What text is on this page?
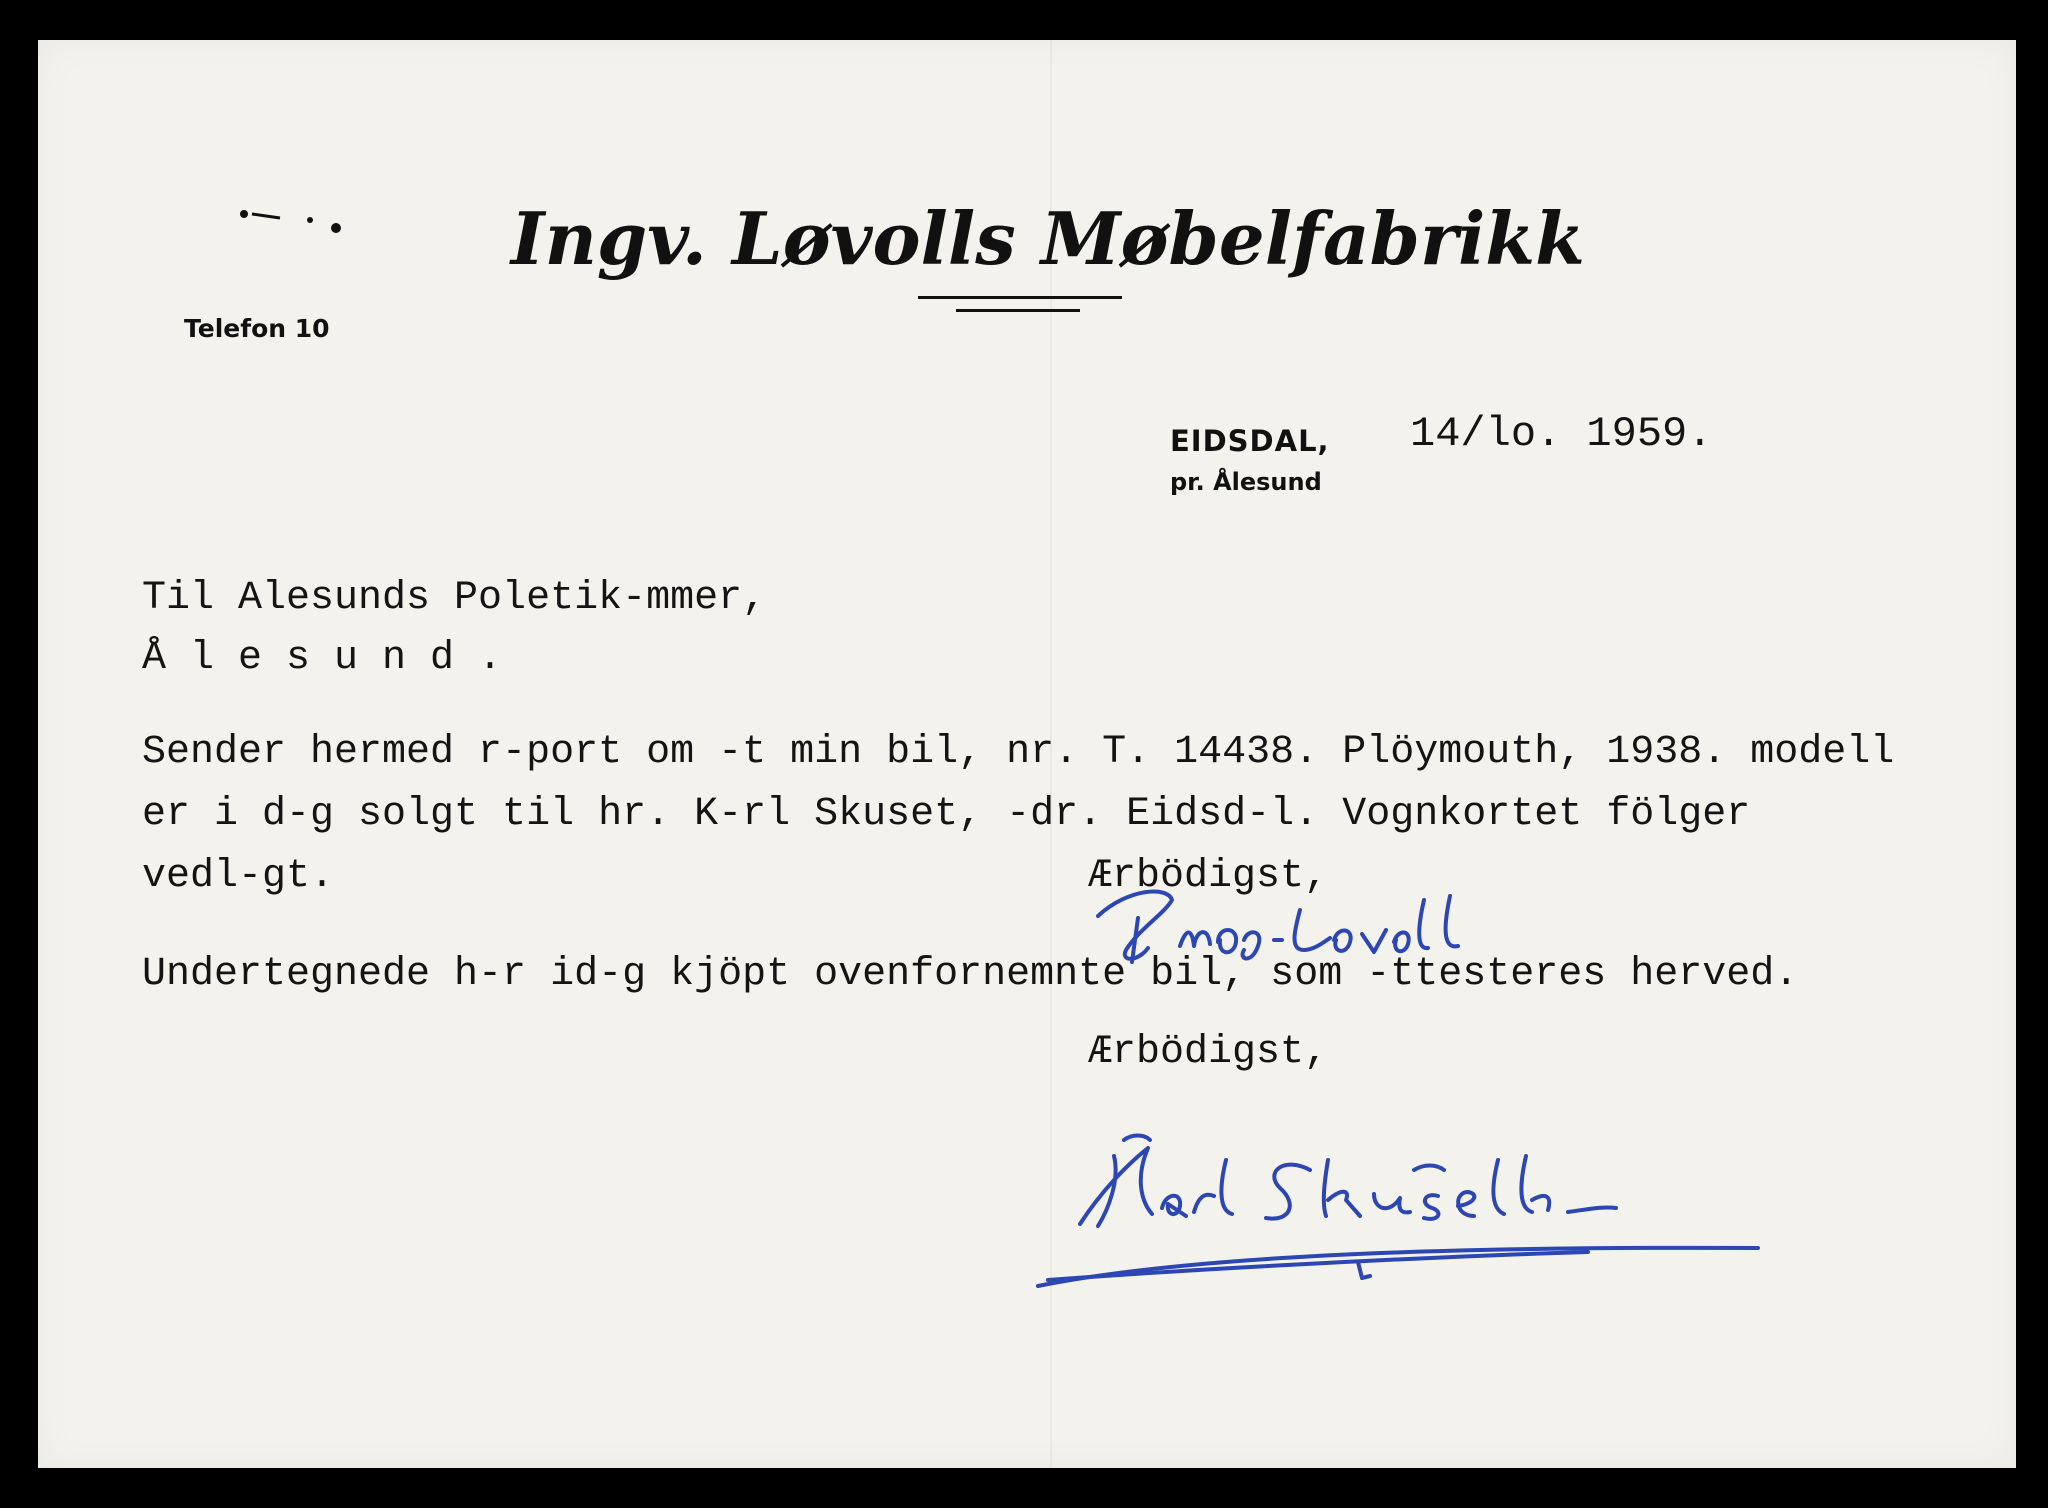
Ingv. Løvolls Møbelfabrikk
Telefon 10
EIDSDAL,
pr. Ålesund
14/lo. 1959.
Til Alesunds Poletik-mmer,
Å l e s u n d .
Sender hermed r-port om -t min bil, nr. T. 14438. Plöymouth, 1938. modell
er i d-g solgt til hr. K-rl Skuset, -dr. Eidsd-l. Vognkortet fölger
vedl-gt.	Ærbödigst,
Undertegnede h-r id-g kjöpt ovenfornemnte bil, som -ttesteres herved.
Ærbödigst,
